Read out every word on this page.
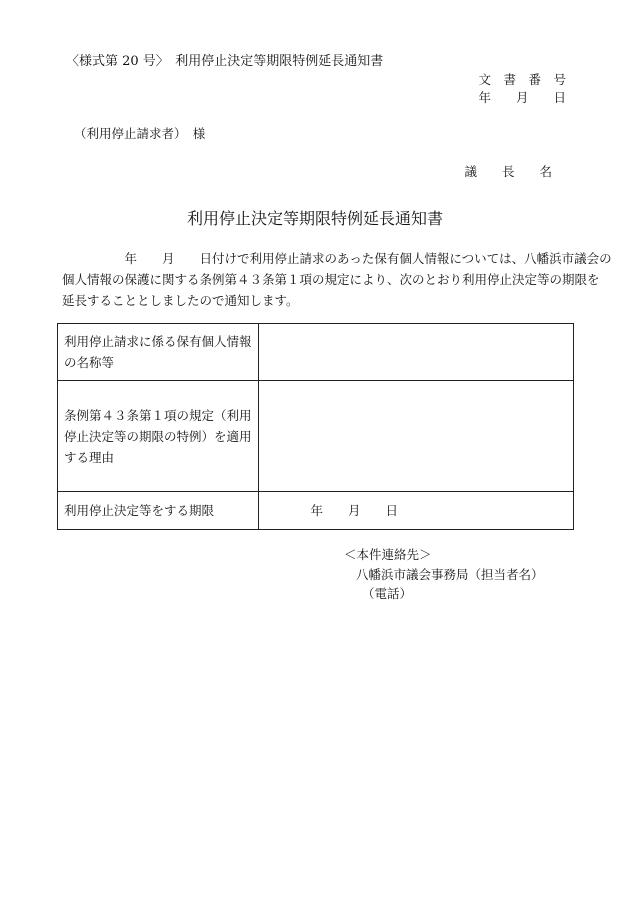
〈様式第 20 号〉　利用停止決定等期限特例延長通知書
文　書　番　号
年　　月　　日
（利用停止請求者）　様
議　　長　　名
利用停止決定等期限特例延長通知書
　　　　　年　　月　　日付けで利用停止請求のあった保有個人情報については、八幡浜市議会の
個人情報の保護に関する条例第４３条第１項の規定により、次のとおり利用停止決定等の期限を
延長することとしましたので通知します。
利用停止請求に係る保有個人情報
の名称等	

条例第４３条第１項の規定（利用
停止決定等の期限の特例）を適用
する理由	

利用停止決定等をする期限	年　　月　　日
＜本件連絡先＞
八幡浜市議会事務局（担当者名）
（電話）
